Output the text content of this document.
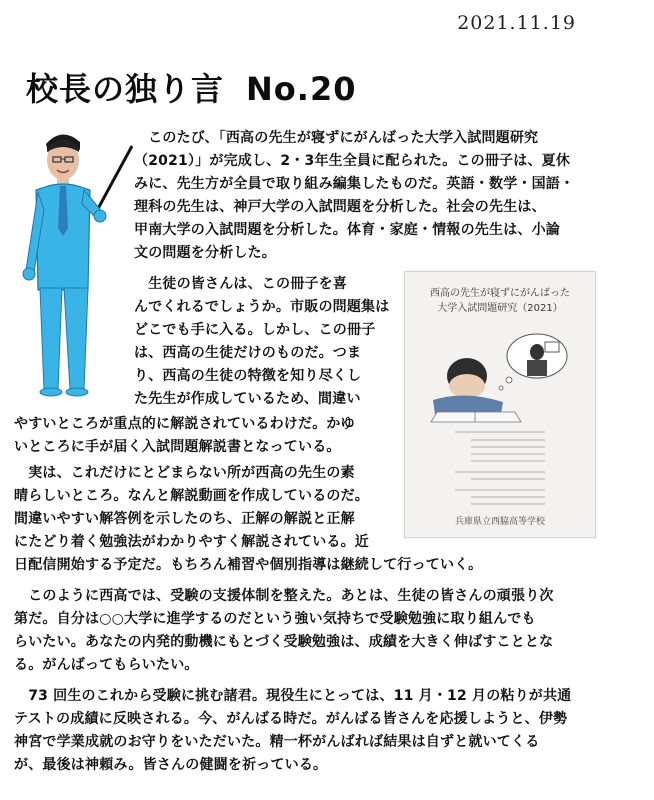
2021.11.19
校長の独り言 No.20
西高の先生が寝ずにがんばった
大学入試問題研究（2021）
兵庫県立西脇高等学校
　このたび、「西高の先生が寝ずにがんばった大学入試問題研究
（2021）」が完成し、2・3年生全員に配られた。この冊子は、夏休
みに、先生方が全員で取り組み編集したものだ。英語・数学・国語・
理科の先生は、神戸大学の入試問題を分析した。社会の先生は、
甲南大学の入試問題を分析した。体育・家庭・情報の先生は、小論
文の問題を分析した。
　生徒の皆さんは、この冊子を喜
んでくれるでしょうか。市販の問題集は
どこでも手に入る。しかし、この冊子
は、西高の生徒だけのものだ。つま
り、西高の生徒の特徴を知り尽くし
た先生が作成しているため、間違い
やすいところが重点的に解説されているわけだ。かゆ
いところに手が届く入試問題解説書となっている。
　実は、これだけにとどまらない所が西高の先生の素
晴らしいところ。なんと解説動画を作成しているのだ。
間違いやすい解答例を示したのち、正解の解説と正解
にたどり着く勉強法がわかりやすく解説されている。近
日配信開始する予定だ。もちろん補習や個別指導は継続して行っていく。
　このように西高では、受験の支援体制を整えた。あとは、生徒の皆さんの頑張り次
第だ。自分は○○大学に進学するのだという強い気持ちで受験勉強に取り組んでも
らいたい。あなたの内発的動機にもとづく受験勉強は、成績を大きく伸ばすこととな
る。がんばってもらいたい。
　73 回生のこれから受験に挑む諸君。現役生にとっては、11 月・12 月の粘りが共通
テストの成績に反映される。今、がんばる時だ。がんばる皆さんを応援しようと、伊勢
神宮で学業成就のお守りをいただいた。精一杯がんばれば結果は自ずと就いてくる
が、最後は神頼み。皆さんの健闘を祈っている。
